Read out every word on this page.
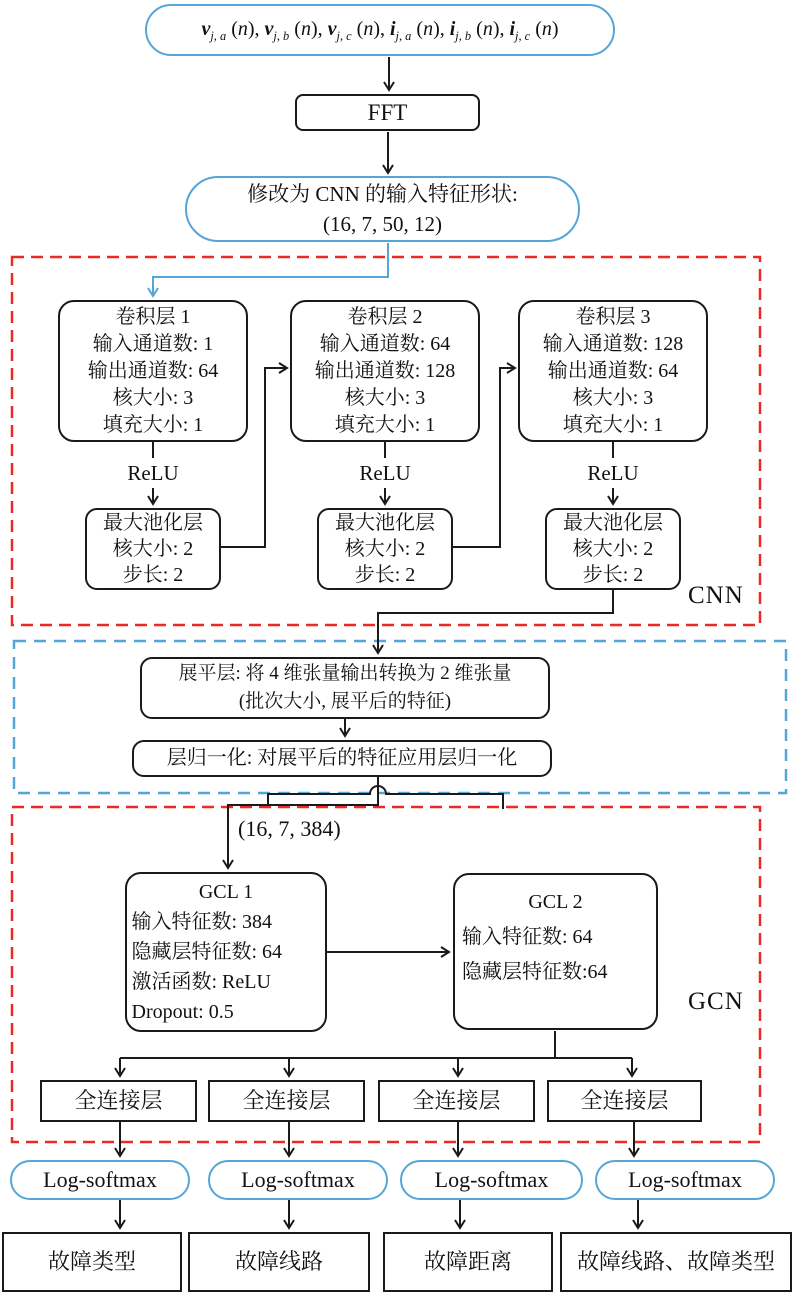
$v_{j, a}$ (n), $v_{j, b}$ (n), $v_{j, c}$ (n), $i_{j, a}$ (n), $i_{j, b}$ (n), $i_{j, c}$ (n)
FFT
修改为 CNN 的输入特征形状:
(16, 7, 50, 12)
CNN
卷积层 1
输入通道数: 1
输出通道数: 64
核大小: 3
填充大小: 1
卷积层 2
输入通道数: 64
输出通道数: 128
核大小: 3
填充大小: 1
卷积层 3
输入通道数: 128
输出通道数: 64
核大小: 3
填充大小: 1
ReLU	ReLU	ReLU
最大池化层
核大小: 2
步长: 2
最大池化层
核大小: 2
步长: 2
最大池化层
核大小: 2
步长: 2
展平层: 将 4 维张量输出转换为 2 维张量
(批次大小, 展平后的特征)
层归一化: 对展平后的特征应用层归一化
GCN
(16, 7, 384)
GCL 1
输入特征数: 384
隐藏层特征数: 64
激活函数: ReLU
Dropout: 0.5
GCL 2
输入特征数: 64
隐藏层特征数:64
全连接层	全连接层	全连接层	全连接层
Log-softmax	Log-softmax	Log-softmax	Log-softmax
故障类型	故障线路	故障距离	故障线路、故障类型
